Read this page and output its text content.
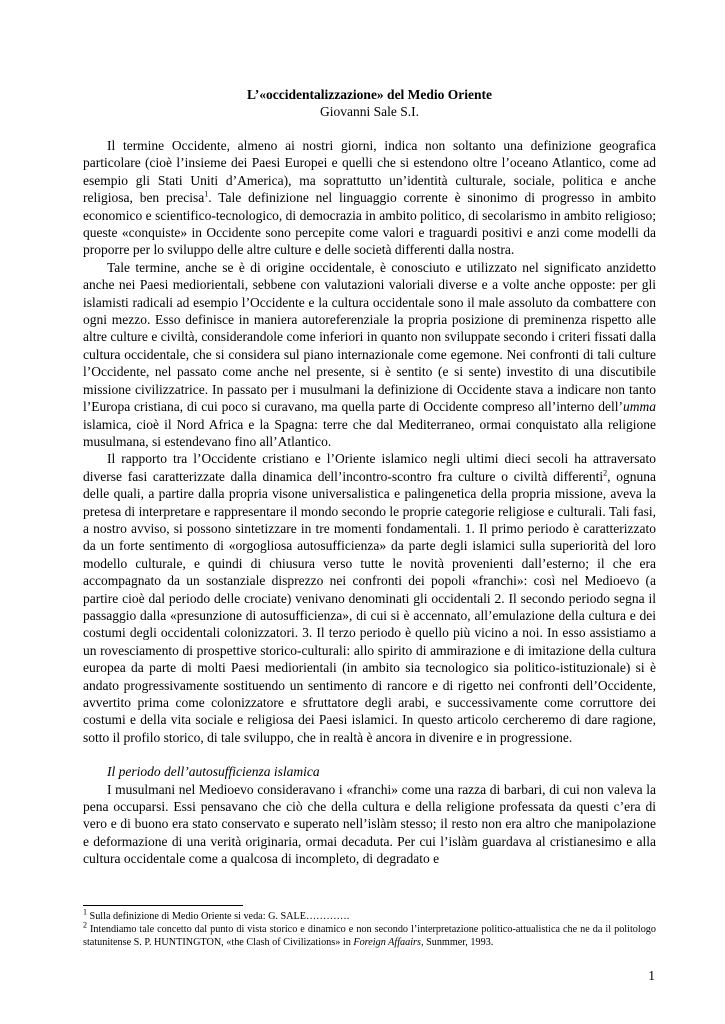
L’«occidentalizzazione» del Medio Oriente
Giovanni Sale S.I.

Il termine Occidente, almeno ai nostri giorni, indica non soltanto una definizione geografica particolare (cioè l’insieme dei Paesi Europei e quelli che si estendono oltre l’oceano Atlantico, come ad esempio gli Stati Uniti d’America), ma soprattutto un’identità culturale, sociale, politica e anche religiosa, ben precisa$^1$. Tale definizione nel linguaggio corrente è sinonimo di progresso in ambito economico e scientifico-tecnologico, di democrazia in ambito politico, di secolarismo in ambito religioso; queste «conquiste» in Occidente sono percepite come valori e traguardi positivi e anzi come modelli da proporre per lo sviluppo delle altre culture e delle società differenti dalla nostra.

Tale termine, anche se è di origine occidentale, è conosciuto e utilizzato nel significato anzidetto anche nei Paesi mediorientali, sebbene con valutazioni valoriali diverse e a volte anche opposte: per gli islamisti radicali ad esempio l’Occidente e la cultura occidentale sono il male assoluto da combattere con ogni mezzo. Esso definisce in maniera autoreferenziale la propria posizione di preminenza rispetto alle altre culture e civiltà, considerandole come inferiori in quanto non sviluppate secondo i criteri fissati dalla cultura occidentale, che si considera sul piano internazionale come egemone. Nei confronti di tali culture l’Occidente, nel passato come anche nel presente, si è sentito (e si sente) investito di una discutibile missione civilizzatrice. In passato per i musulmani la definizione di Occidente stava a indicare non tanto l’Europa cristiana, di cui poco si curavano, ma quella parte di Occidente compreso all’interno dell’umma islamica, cioè il Nord Africa e la Spagna: terre che dal Mediterraneo, ormai conquistato alla religione musulmana, si estendevano fino all’Atlantico.

Il rapporto tra l’Occidente cristiano e l’Oriente islamico negli ultimi dieci secoli ha attraversato diverse fasi caratterizzate dalla dinamica dell’incontro-scontro fra culture o civiltà differenti$^2$, ognuna delle quali, a partire dalla propria visone universalistica e palingenetica della propria missione, aveva la pretesa di interpretare e rappresentare il mondo secondo le proprie categorie religiose e culturali. Tali fasi, a nostro avviso, si possono sintetizzare in tre momenti fondamentali. 1. Il primo periodo è caratterizzato da un forte sentimento di «orgogliosa autosufficienza» da parte degli islamici sulla superiorità del loro modello culturale, e quindi di chiusura verso tutte le novità provenienti dall’esterno; il che era accompagnato da un sostanziale disprezzo nei confronti dei popoli «franchi»: così nel Medioevo (a partire cioè dal periodo delle crociate) venivano denominati gli occidentali 2. Il secondo periodo segna il passaggio dalla «presunzione di autosufficienza», di cui si è accennato, all’emulazione della cultura e dei costumi degli occidentali colonizzatori. 3. Il terzo periodo è quello più vicino a noi. In esso assistiamo a un rovesciamento di prospettive storico-culturali: allo spirito di ammirazione e di imitazione della cultura europea da parte di molti Paesi mediorientali (in ambito sia tecnologico sia politico-istituzionale) si è andato progressivamente sostituendo un sentimento di rancore e di rigetto nei confronti dell’Occidente, avvertito prima come colonizzatore e sfruttatore degli arabi, e successivamente come corruttore dei costumi e della vita sociale e religiosa dei Paesi islamici. In questo articolo cercheremo di dare ragione, sotto il profilo storico, di tale sviluppo, che in realtà è ancora in divenire e in progressione.

Il periodo dell’autosufficienza islamica

I musulmani nel Medioevo consideravano i «franchi» come una razza di barbari, di cui non valeva la pena occuparsi. Essi pensavano che ciò che della cultura e della religione professata da questi c’era di vero e di buono era stato conservato e superato nell’islàm stesso; il resto non era altro che manipolazione e deformazione di una verità originaria, ormai decaduta. Per cui l’islàm guardava al cristianesimo e alla cultura occidentale come a qualcosa di incompleto, di degradato e

$^1$ Sulla definizione di Medio Oriente si veda: G. SALE………….
$^2$ Intendiamo tale concetto dal punto di vista storico e dinamico e non secondo l’interpretazione politico-attualistica che ne da il politologo statunitense S. P. HUNTINGTON, «the Clash of Civilizations» in Foreign Affaairs, Sunmmer, 1993.
1
